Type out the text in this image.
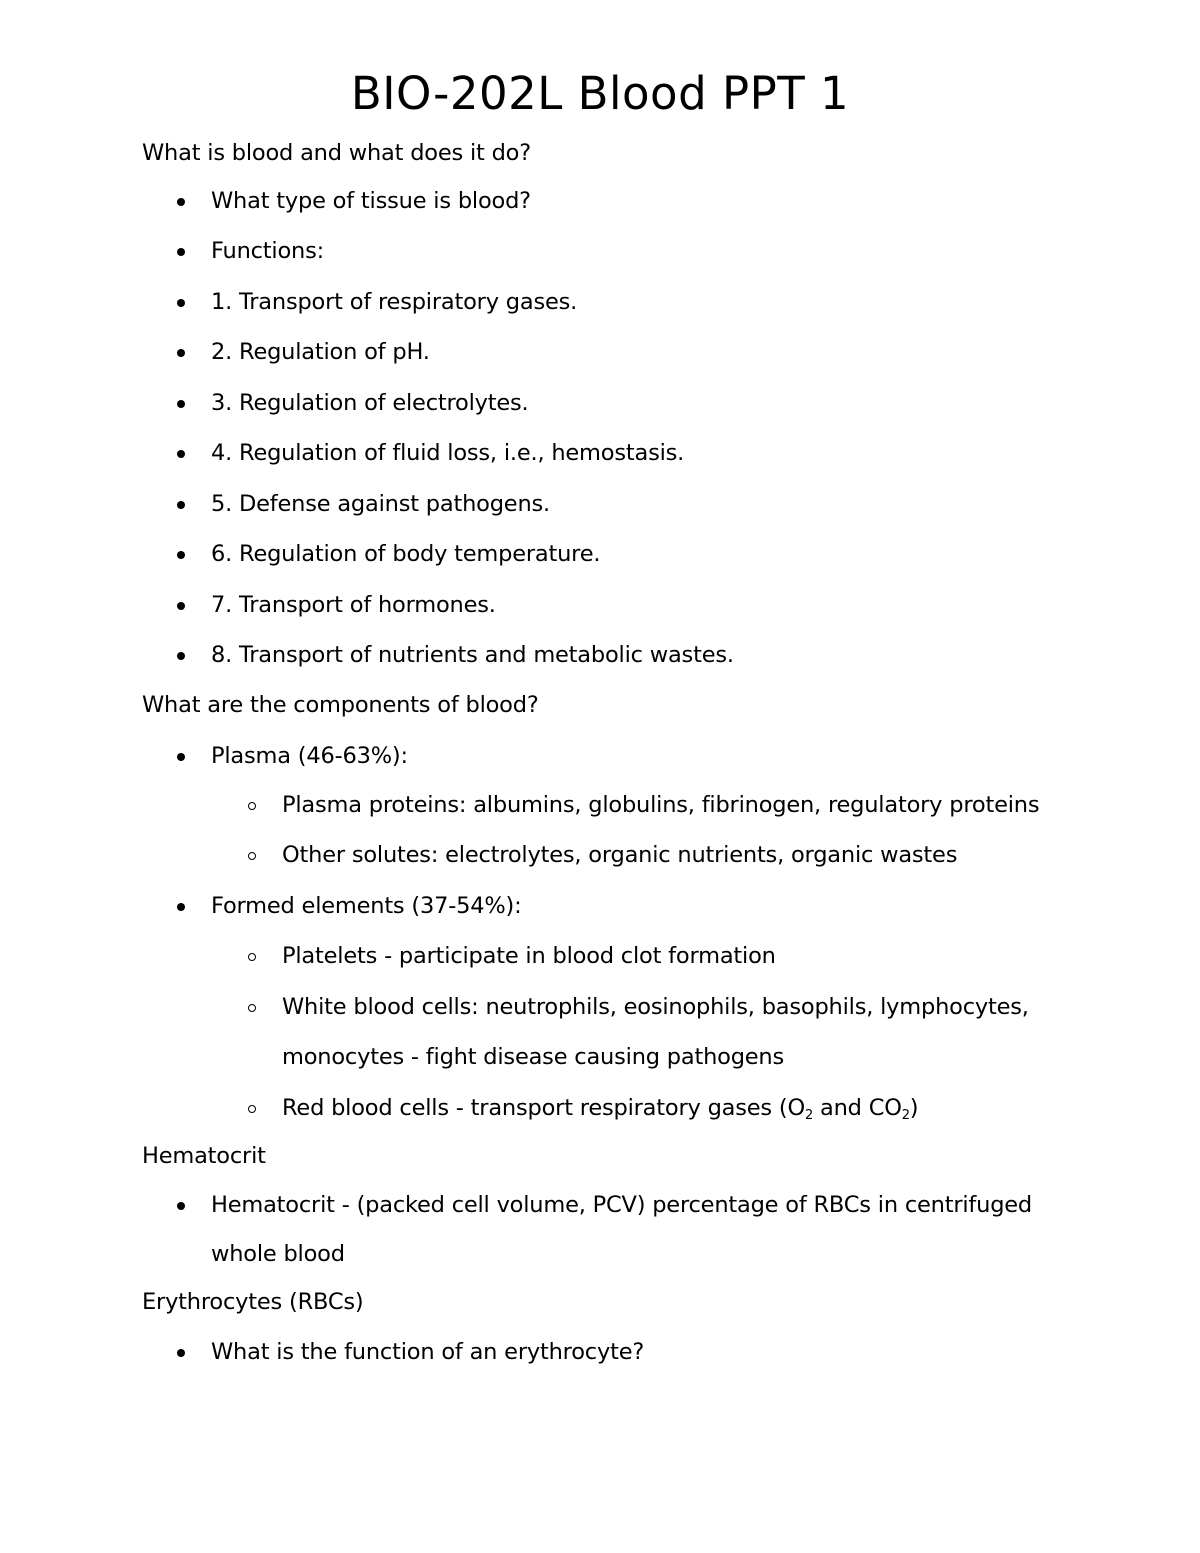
BIO-202L Blood PPT 1
What is blood and what does it do?
What type of tissue is blood?
Functions:
1. Transport of respiratory gases.
2. Regulation of pH.
3. Regulation of electrolytes.
4. Regulation of fluid loss, i.e., hemostasis.
5. Defense against pathogens.
6. Regulation of body temperature.
7. Transport of hormones.
8. Transport of nutrients and metabolic wastes.
What are the components of blood?
Plasma (46-63%):
Plasma proteins: albumins, globulins, fibrinogen, regulatory proteins
Other solutes: electrolytes, organic nutrients, organic wastes
Formed elements (37-54%):
Platelets - participate in blood clot formation
White blood cells: neutrophils, eosinophils, basophils, lymphocytes,
monocytes - fight disease causing pathogens
Red blood cells - transport respiratory gases ($O_2$ and $CO_2$)
Hematocrit
Hematocrit - (packed cell volume, PCV) percentage of RBCs in centrifuged
whole blood
Erythrocytes (RBCs)
What is the function of an erythrocyte?
